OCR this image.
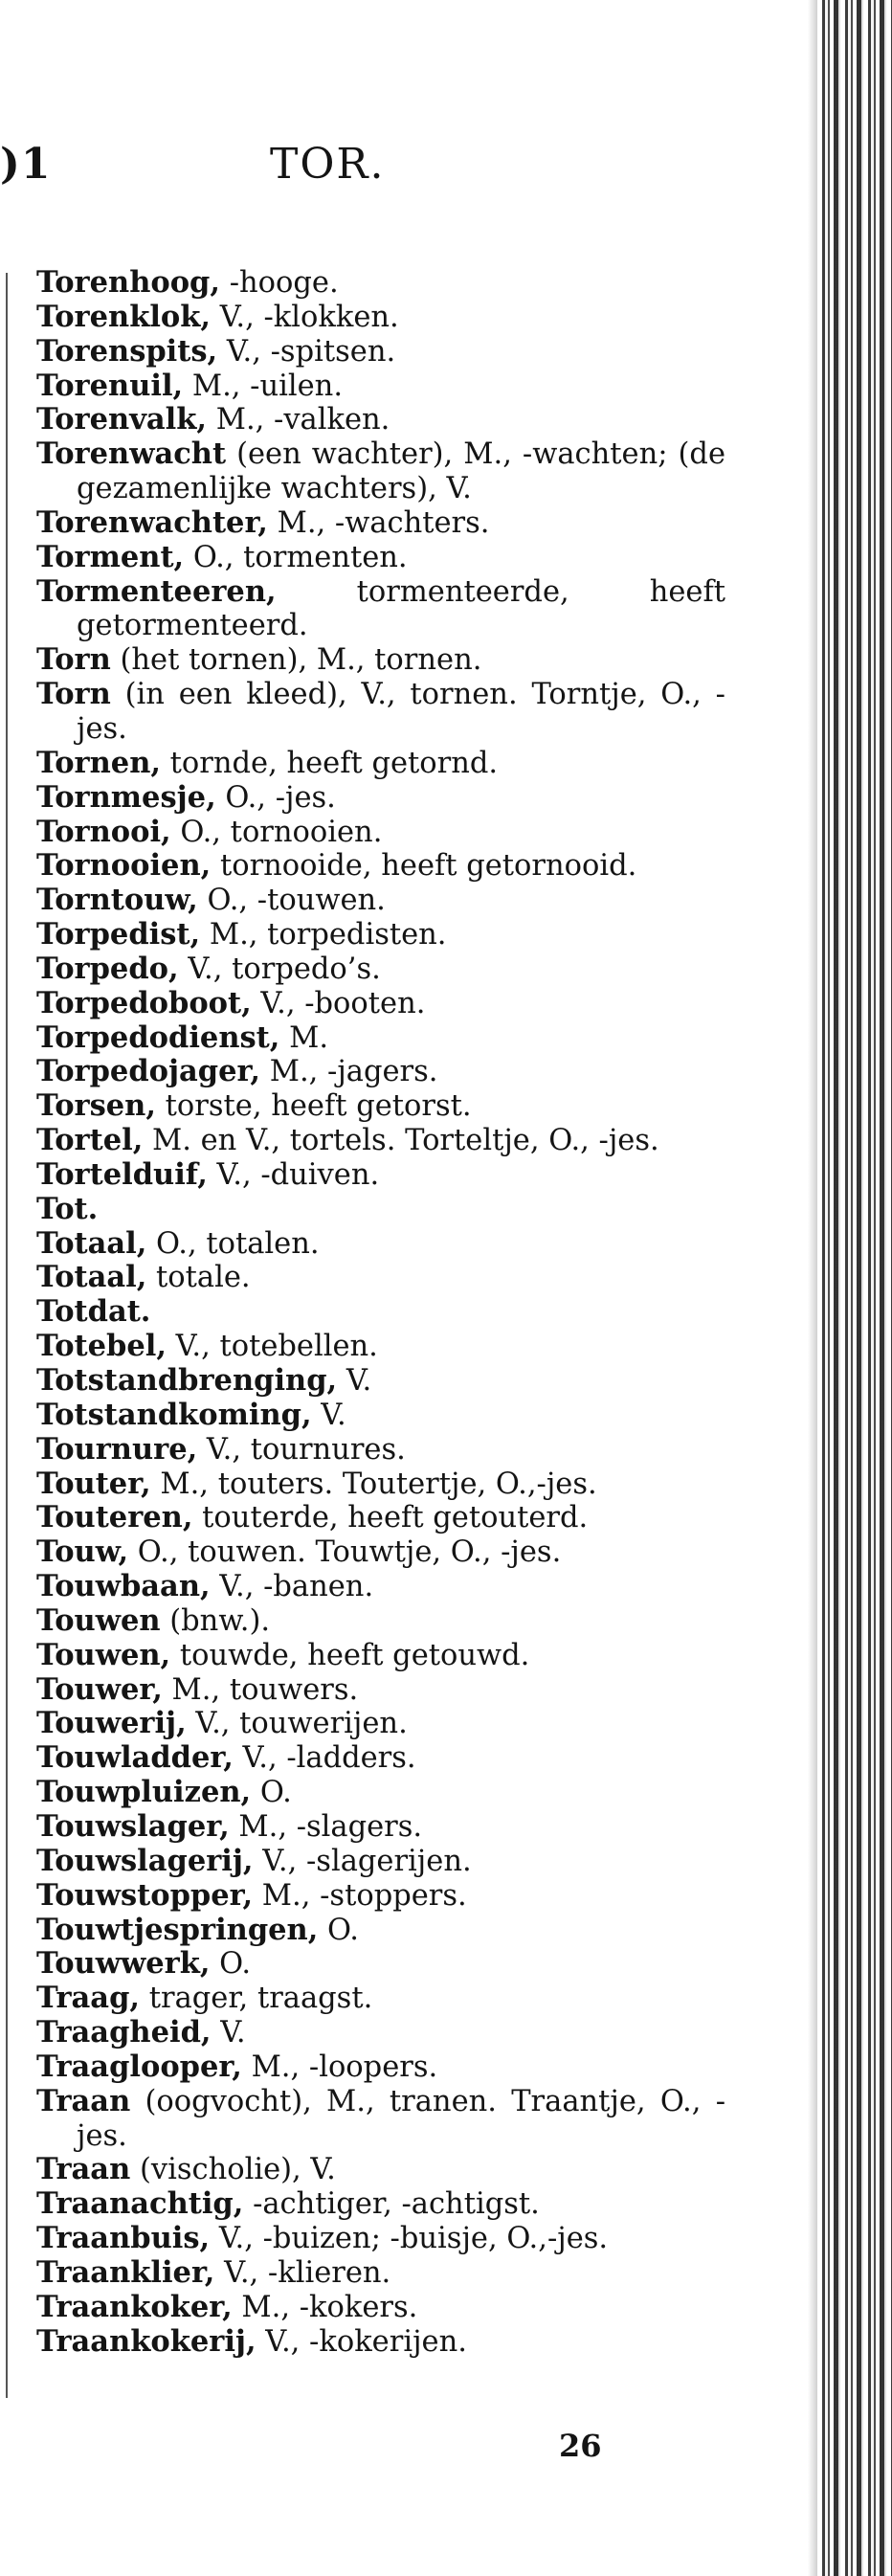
)1	TOR.
Torenhoog, -hooge.
Torenklok, V., -klokken.
Torenspits, V., -spitsen.
Torenuil, M., -uilen.
Torenvalk, M., -valken.
Torenwacht (een wachter), M., -wachten; (de gezamenlijke wachters), V.
Torenwachter, M., -wachters.
Torment, O., tormenten.
Tormenteeren, tormenteerde, heeft getormenteerd.
Torn (het tornen), M., tornen.
Torn (in een kleed), V., tornen. Torntje, O., -jes.
Tornen, tornde, heeft getornd.
Tornmesje, O., -jes.
Tornooi, O., tornooien.
Tornooien, tornooide, heeft getornooid.
Torntouw, O., -touwen.
Torpedist, M., torpedisten.
Torpedo, V., torpedo’s.
Torpedoboot, V., -booten.
Torpedodienst, M.
Torpedojager, M., -jagers.
Torsen, torste, heeft getorst.
Tortel, M. en V., tortels. Torteltje, O., -jes.
Tortelduif, V., -duiven.
Tot.
Totaal, O., totalen.
Totaal, totale.
Totdat.
Totebel, V., totebellen.
Totstandbrenging, V.
Totstandkoming, V.
Tournure, V., tournures.
Touter, M., touters. Toutertje, O.,-jes.
Touteren, touterde, heeft getouterd.
Touw, O., touwen. Touwtje, O., -jes.
Touwbaan, V., -banen.
Touwen (bnw.).
Touwen, touwde, heeft getouwd.
Touwer, M., touwers.
Touwerij, V., touwerijen.
Touwladder, V., -ladders.
Touwpluizen, O.
Touwslager, M., -slagers.
Touwslagerij, V., -slagerijen.
Touwstopper, M., -stoppers.
Touwtjespringen, O.
Touwwerk, O.
Traag, trager, traagst.
Traagheid, V.
Traaglooper, M., -loopers.
Traan (oogvocht), M., tranen. Traantje, O., -jes.
Traan (vischolie), V.
Traanachtig, -achtiger, -achtigst.
Traanbuis, V., -buizen; -buisje, O.,-jes.
Traanklier, V., -klieren.
Traankoker, M., -kokers.
Traankokerij, V., -kokerijen.
26
